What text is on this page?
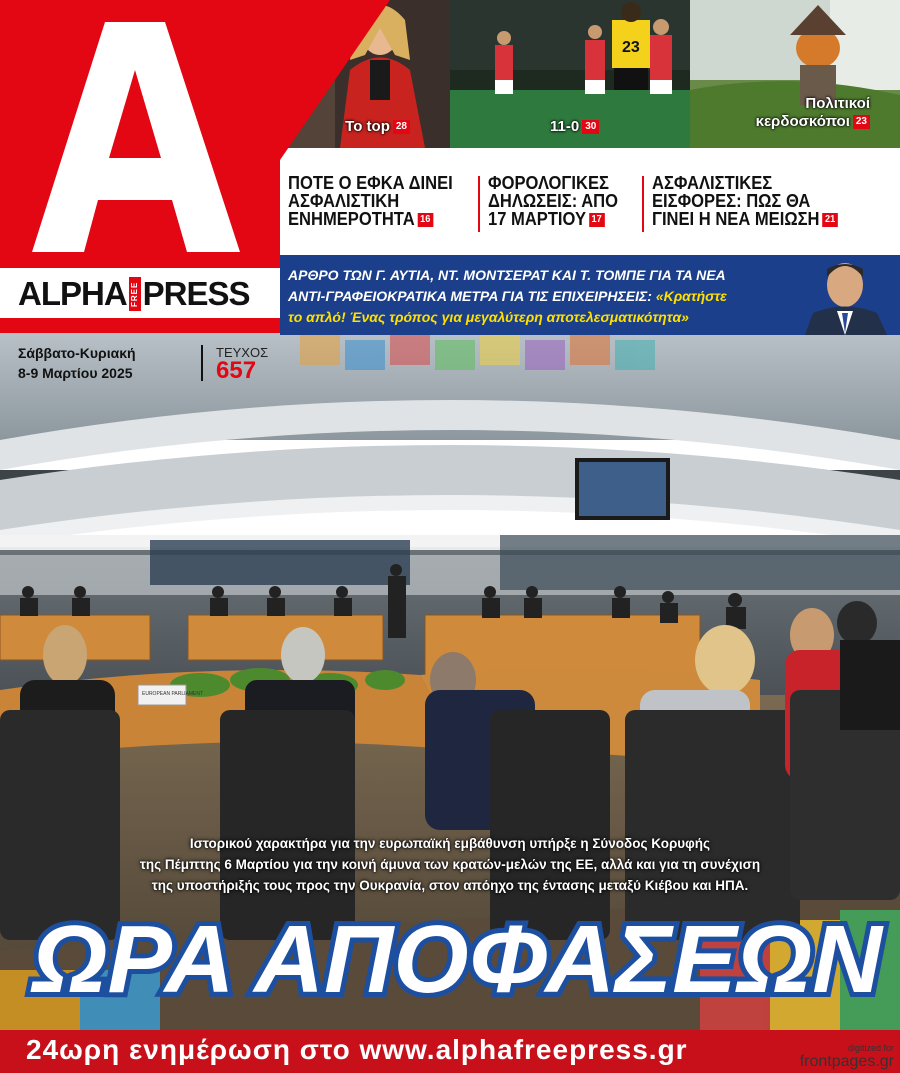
EUROPEAN PARLIAMENT
Το top 28
23
11-0 30
Πολιτικοί
κερδοσκόποι 23
ALPHA FREE PRESS
Σάββατο-Κυριακή
8-9 Μαρτίου 2025
ΤΕΥΧΟΣ
657
ΠΟΤΕ Ο ΕΦΚΑ ΔΙΝΕΙ
ΑΣΦΑΛΙΣΤΙΚΗ
ΕΝΗΜΕΡΟΤΗΤΑ 16
ΦΟΡΟΛΟΓΙΚΕΣ
ΔΗΛΩΣΕΙΣ: ΑΠΟ
17 ΜΑΡΤΙΟΥ 17
ΑΣΦΑΛΙΣΤΙΚΕΣ
ΕΙΣΦΟΡΕΣ: ΠΩΣ ΘΑ
ΓΙΝΕΙ Η ΝΕΑ ΜΕΙΩΣΗ 21
ΑΡΘΡΟ ΤΩΝ Γ. ΑΥΤΙΑ, ΝΤ. ΜΟΝΤΣΕΡΑΤ ΚΑΙ Τ. ΤΟΜΠΕ ΓΙΑ ΤΑ ΝΕΑ
ΑΝΤΙ-ΓΡΑΦΕΙΟΚΡΑΤΙΚΑ ΜΕΤΡΑ ΓΙΑ ΤΙΣ ΕΠΙΧΕΙΡΗΣΕΙΣ: «Κρατήστε
το απλό! Ένας τρόπος για μεγαλύτερη αποτελεσματικότητα»
Ιστορικού χαρακτήρα για την ευρωπαϊκή εμβάθυνση υπήρξε η Σύνοδος Κορυφής
της Πέμπτης 6 Μαρτίου για την κοινή άμυνα των κρατών-μελών της ΕΕ, αλλά και για τη συνέχιση
της υποστήριξής τους προς την Ουκρανία, στον απόηχο της έντασης μεταξύ Κιέβου και ΗΠΑ.
ΩΡΑ ΑΠΟΦΑΣΕΩΝ
24ωρη ενημέρωση στο www.alphafreepress.gr	digitized for
frontpages.gr
